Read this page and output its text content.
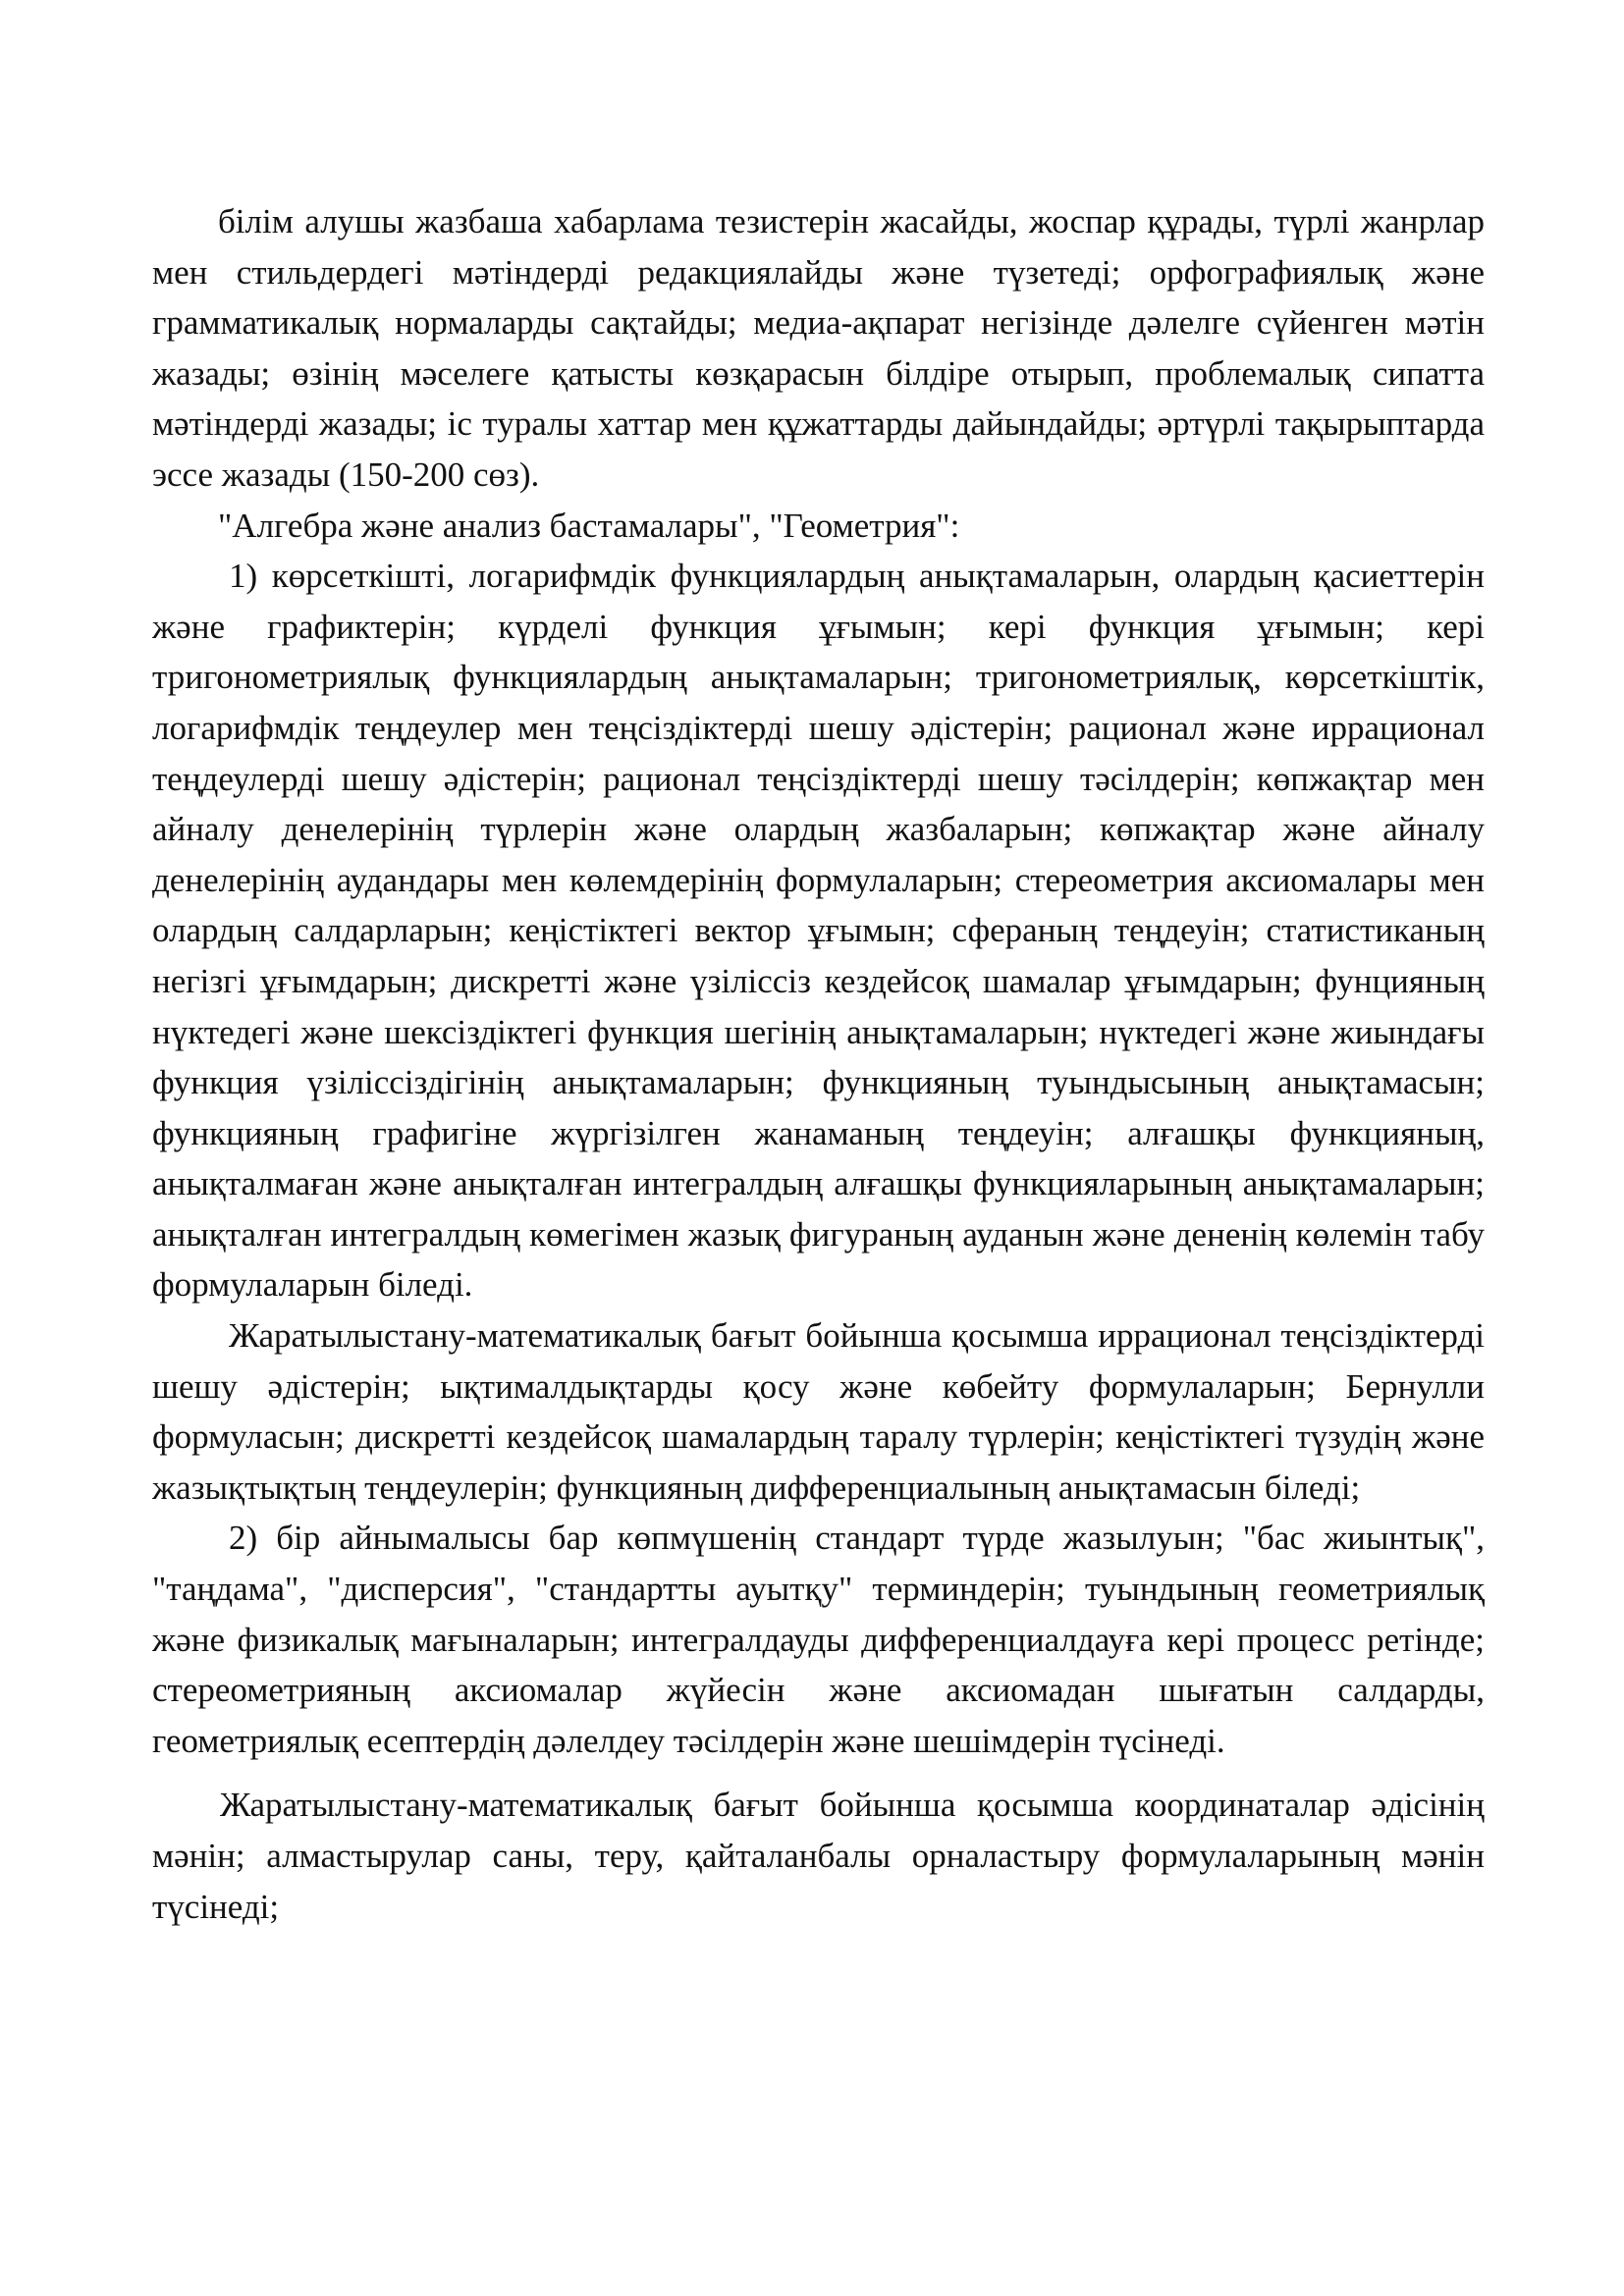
білім алушы жазбаша хабарлама тезистерін жасайды, жоспар құрады, түрлі жанрлар мен стильдердегі мәтіндерді редакциялайды және түзетеді; орфографиялық және грамматикалық нормаларды сақтайды; медиа-ақпарат негізінде дәлелге сүйенген мәтін жазады; өзінің мәселеге қатысты көзқарасын білдіре отырып, проблемалық сипатта мәтіндерді жазады; іс туралы хаттар мен құжаттарды дайындайды; әртүрлі тақырыптарда эссе жазады (150-200 сөз).

"Алгебра және анализ бастамалары", "Геометрия":

1) көрсеткішті, логарифмдік функциялардың анықтамаларын, олардың қасиеттерін және графиктерін; күрделі функция ұғымын; кері функция ұғымын; кері тригонометриялық функциялардың анықтамаларын; тригонометриялық, көрсеткіштік, логарифмдік теңдеулер мен теңсіздіктерді шешу әдістерін; рационал және иррационал теңдеулерді шешу әдістерін; рационал теңсіздіктерді шешу тәсілдерін; көпжақтар мен айналу денелерінің түрлерін және олардың жазбаларын; көпжақтар және айналу денелерінің аудандары мен көлемдерінің формулаларын; стереометрия аксиомалары мен олардың салдарларын; кеңістіктегі вектор ұғымын; сфераның теңдеуін; статистиканың негізгі ұғымдарын; дискретті және үзіліссіз кездейсоқ шамалар ұғымдарын; фунцияның нүктедегі және шексіздіктегі функция шегінің анықтамаларын; нүктедегі және жиындағы функция үзіліссіздігінің анықтамаларын; функцияның туындысының анықтамасын; функцияның графигіне жүргізілген жанаманың теңдеуін; алғашқы функцияның, анықталмаған және анықталған интегралдың алғашқы функцияларының анықтамаларын; анықталған интегралдың көмегімен жазық фигураның ауданын және дененің көлемін табу формулаларын біледі.

Жаратылыстану-математикалық бағыт бойынша қосымша иррационал теңсіздіктерді шешу әдістерін; ықтималдықтарды қосу және көбейту формулаларын; Бернулли формуласын; дискретті кездейсоқ шамалардың таралу түрлерін; кеңістіктегі түзудің және жазықтықтың теңдеулерін; функцияның дифференциалының анықтамасын біледі;

2) бір айнымалысы бар көпмүшенің стандарт түрде жазылуын; "бас жиынтық", "таңдама", "дисперсия", "стандартты ауытқу" терминдерін; туындының геометриялық және физикалық мағыналарын; интегралдауды дифференциалдауға кері процесс ретінде; стереометрияның аксиомалар жүйесін және аксиомадан шығатын салдарды, геометриялық есептердің дәлелдеу тәсілдерін және шешімдерін түсінеді.

Жаратылыстану-математикалық бағыт бойынша қосымша координаталар әдісінің мәнін; алмастырулар саны, теру, қайталанбалы орналастыру формулаларының мәнін түсінеді;
